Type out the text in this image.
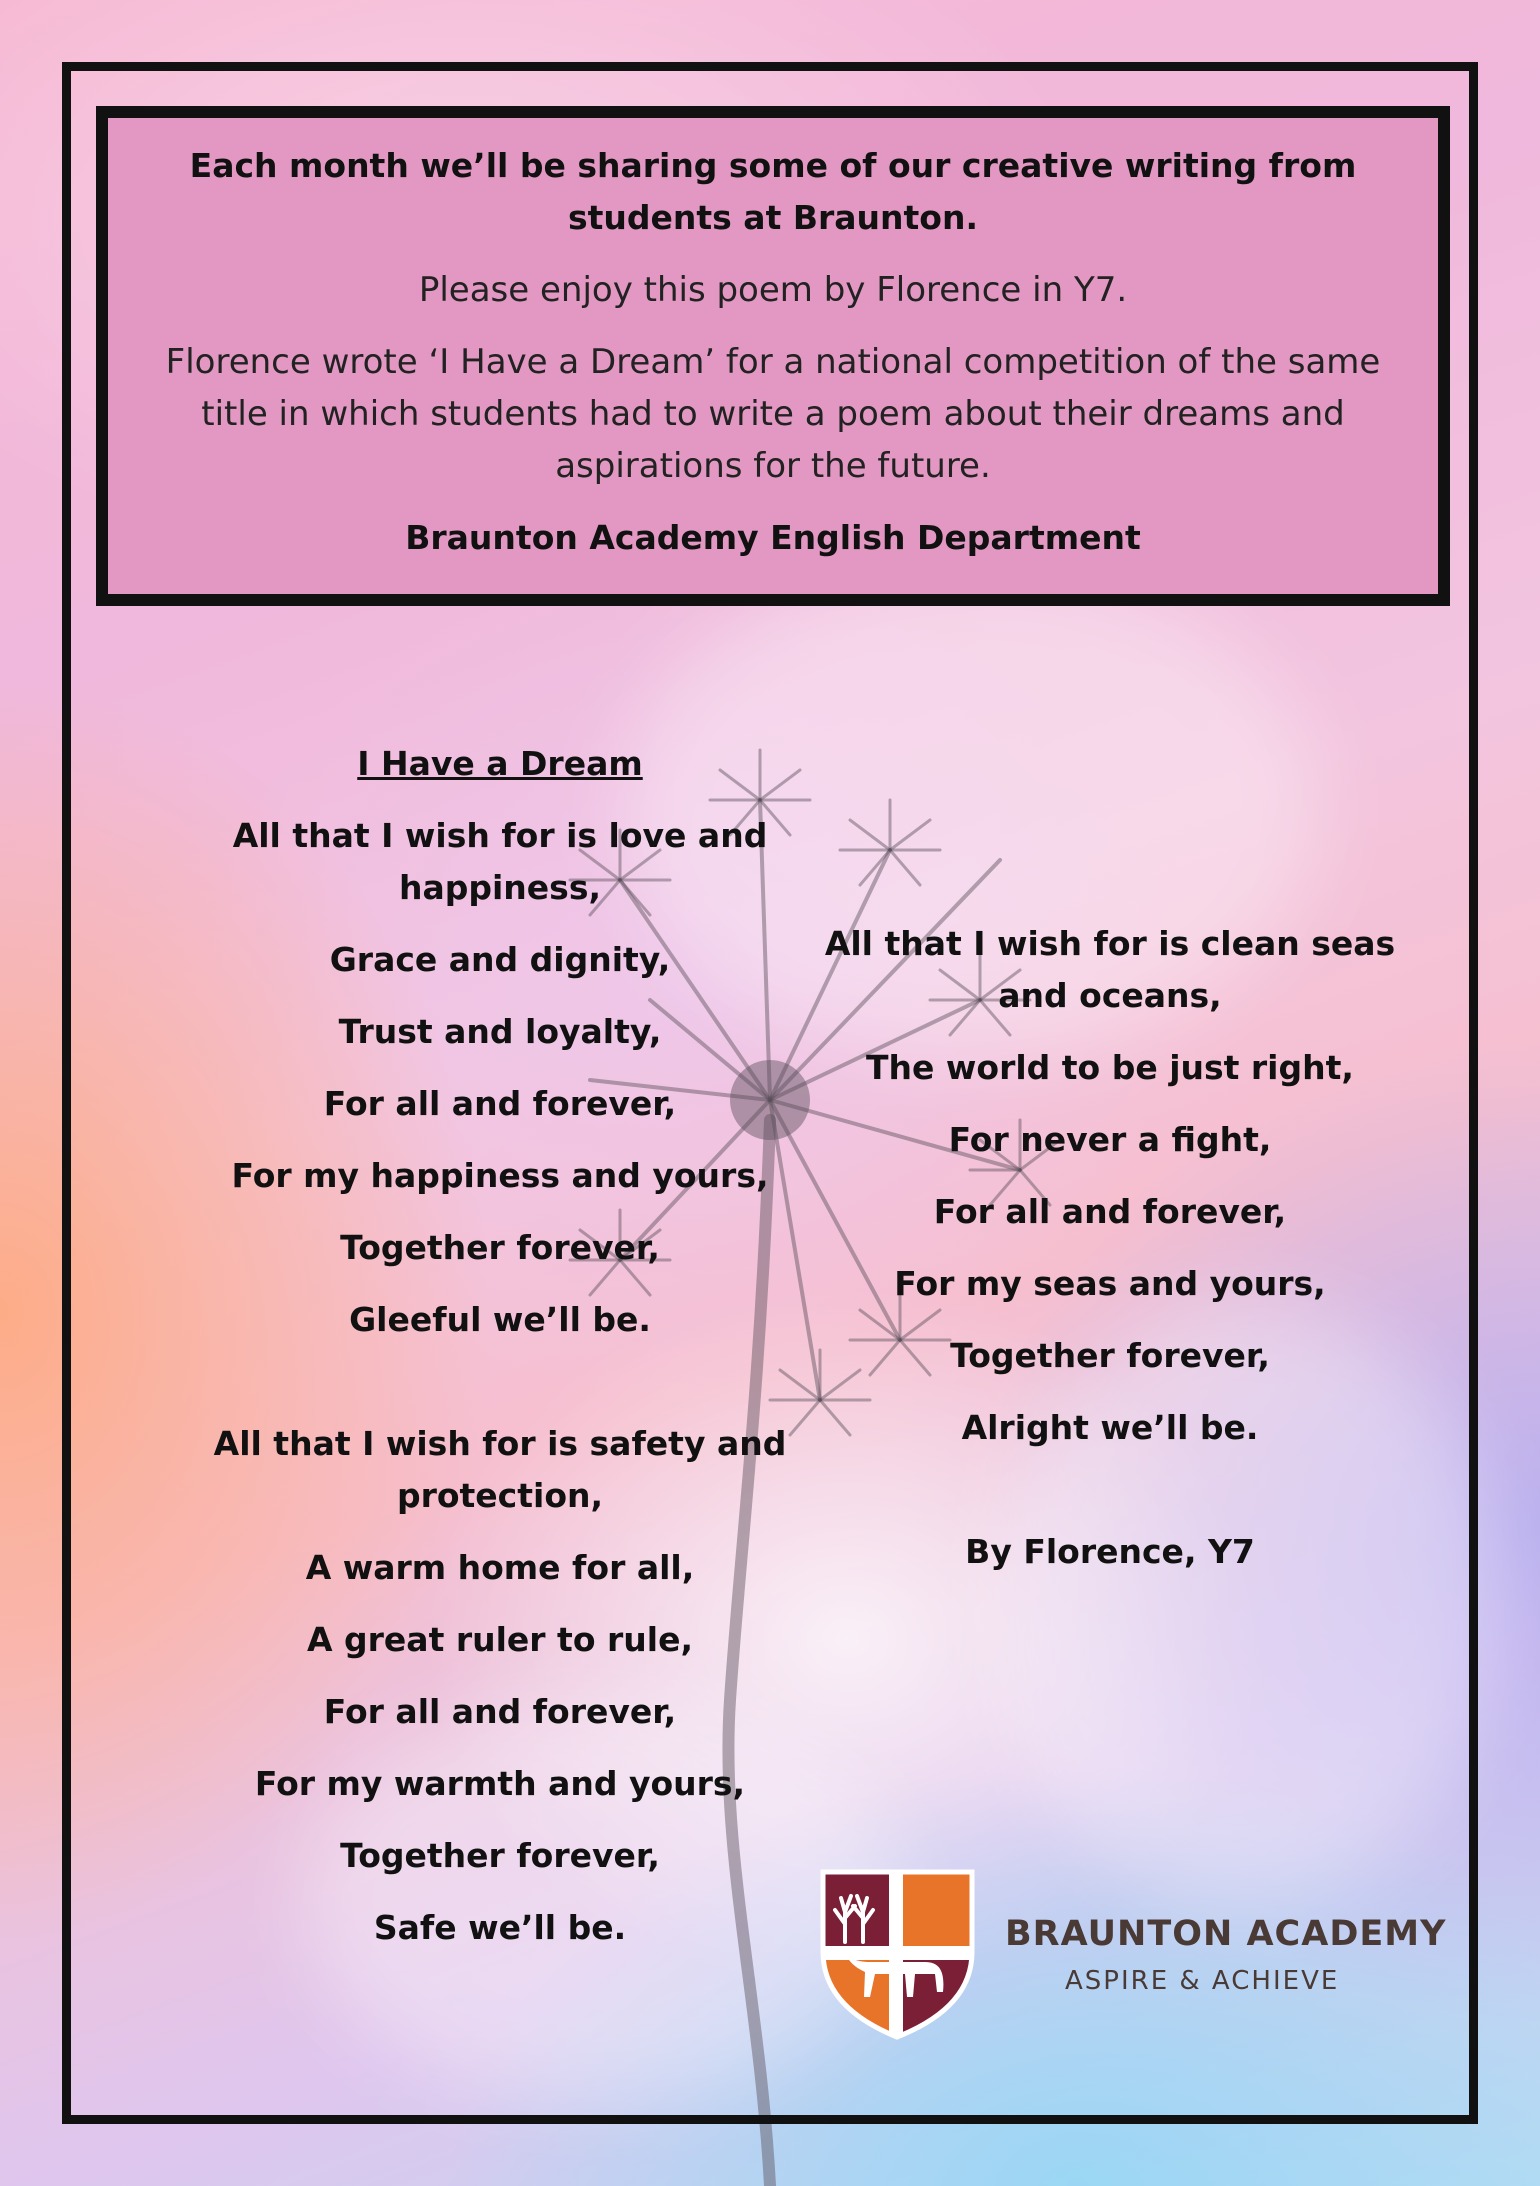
Each month we’ll be sharing some of our creative writing from students at Braunton.

Please enjoy this poem by Florence in Y7.

Florence wrote ‘I Have a Dream’ for a national competition of the same title in which students had to write a poem about their dreams and aspirations for the future.

Braunton Academy English Department

I Have a Dream

All that I wish for is love and happiness,

Grace and dignity,

Trust and loyalty,

For all and forever,

For my happiness and yours,

Together forever,

Gleeful we’ll be.

All that I wish for is safety and protection,

A warm home for all,

A great ruler to rule,

For all and forever,

For my warmth and yours,

Together forever,

Safe we’ll be.

All that I wish for is clean seas and oceans,

The world to be just right,

For never a fight,

For all and forever,

For my seas and yours,

Together forever,

Alright we’ll be.

By Florence, Y7

BRAUNTON ACADEMY
ASPIRE & ACHIEVE
